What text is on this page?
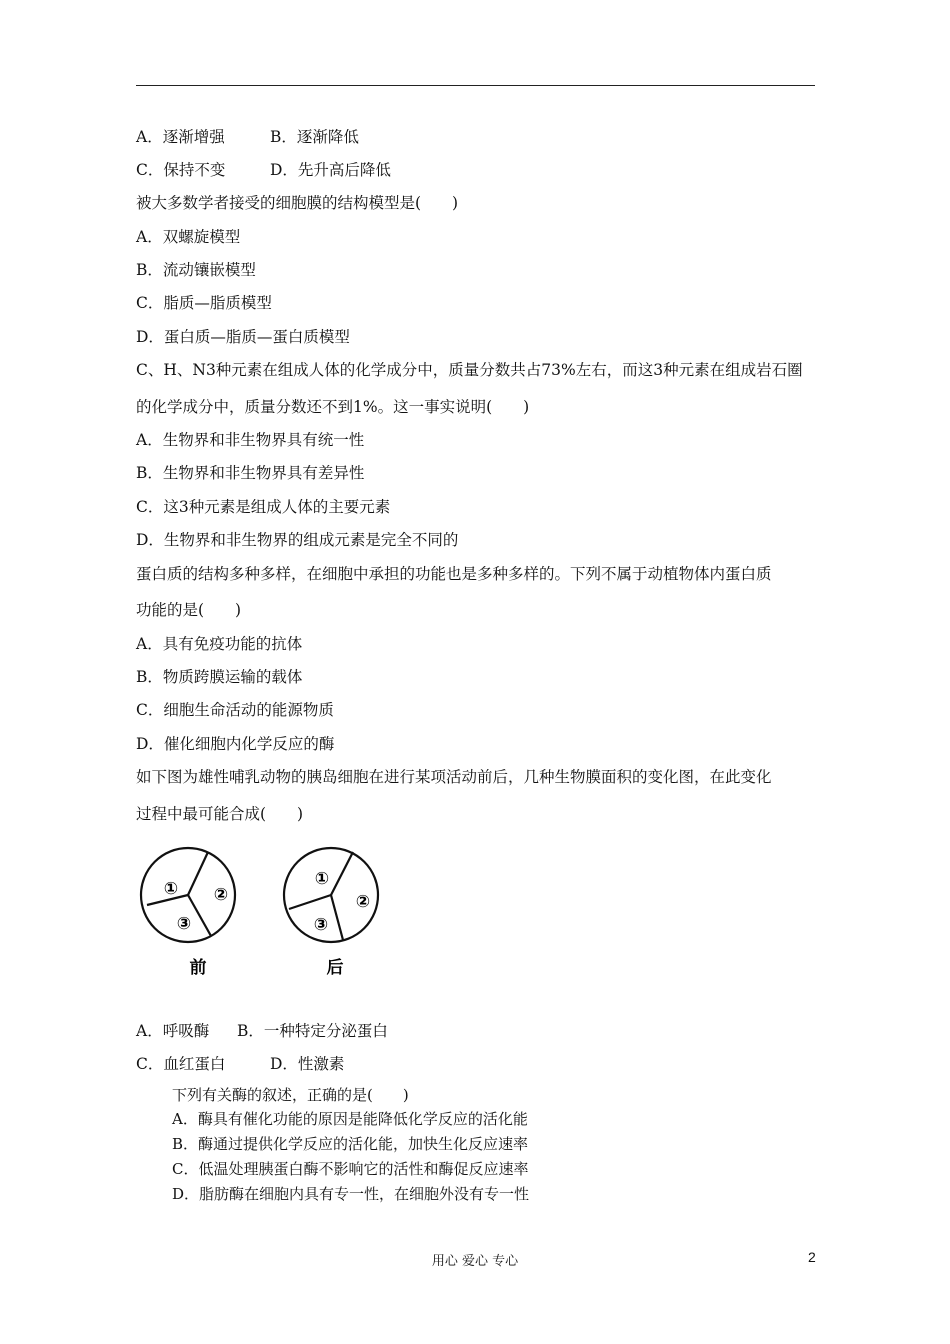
A．逐渐增强	B．逐渐降低
C．保持不变	D．先升高后降低
被大多数学者接受的细胞膜的结构模型是(　　)
A．双螺旋模型
B．流动镶嵌模型
C．脂质—脂质模型
D．蛋白质—脂质—蛋白质模型
C、H、N3种元素在组成人体的化学成分中，质量分数共占73%左右，而这3种元素在组成岩石圈
的化学成分中，质量分数还不到1%。这一事实说明(　　)
A．生物界和非生物界具有统一性
B．生物界和非生物界具有差异性
C．这3种元素是组成人体的主要元素
D．生物界和非生物界的组成元素是完全不同的
蛋白质的结构多种多样，在细胞中承担的功能也是多种多样的。下列不属于动植物体内蛋白质
功能的是(　　)
A．具有免疫功能的抗体
B．物质跨膜运输的载体
C．细胞生命活动的能源物质
D．催化细胞内化学反应的酶
如下图为雄性哺乳动物的胰岛细胞在进行某项活动前后，几种生物膜面积的变化图，在此变化
过程中最可能合成(　　)
① ②
③
①
②
③
前	后
A．呼吸酶 B．一种特定分泌蛋白
C．血红蛋白	D．性激素
下列有关酶的叙述，正确的是(　　)
A．酶具有催化功能的原因是能降低化学反应的活化能
B．酶通过提供化学反应的活化能，加快生化反应速率
C．低温处理胰蛋白酶不影响它的活性和酶促反应速率
D．脂肪酶在细胞内具有专一性，在细胞外没有专一性
用心 爱心 专心	2
